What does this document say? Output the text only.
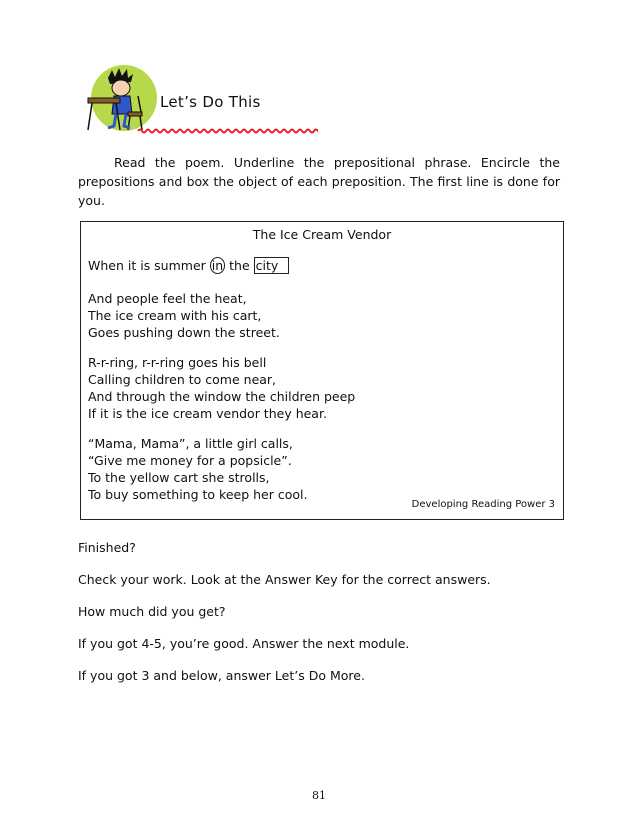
Let’s Do This
Read the poem. Underline the prepositional phrase. Encircle the prepositions and box the object of each preposition. The first line is done for you.
The Ice Cream Vendor
When it is summer in the city
And people feel the heat,
The ice cream with his cart,
Goes pushing down the street.
R-r-ring, r-r-ring goes his bell
Calling children to come near,
And through the window the children peep
If it is the ice cream vendor they hear.
“Mama, Mama”, a little girl calls,
“Give me money for a popsicle”.
To the yellow cart she strolls,
To buy something to keep her cool.
Developing Reading Power 3
Finished?
Check your work. Look at the Answer Key for the correct answers.
How much did you get?
If you got 4-5, you’re good. Answer the next module.
If you got 3 and below, answer Let’s Do More.
81
